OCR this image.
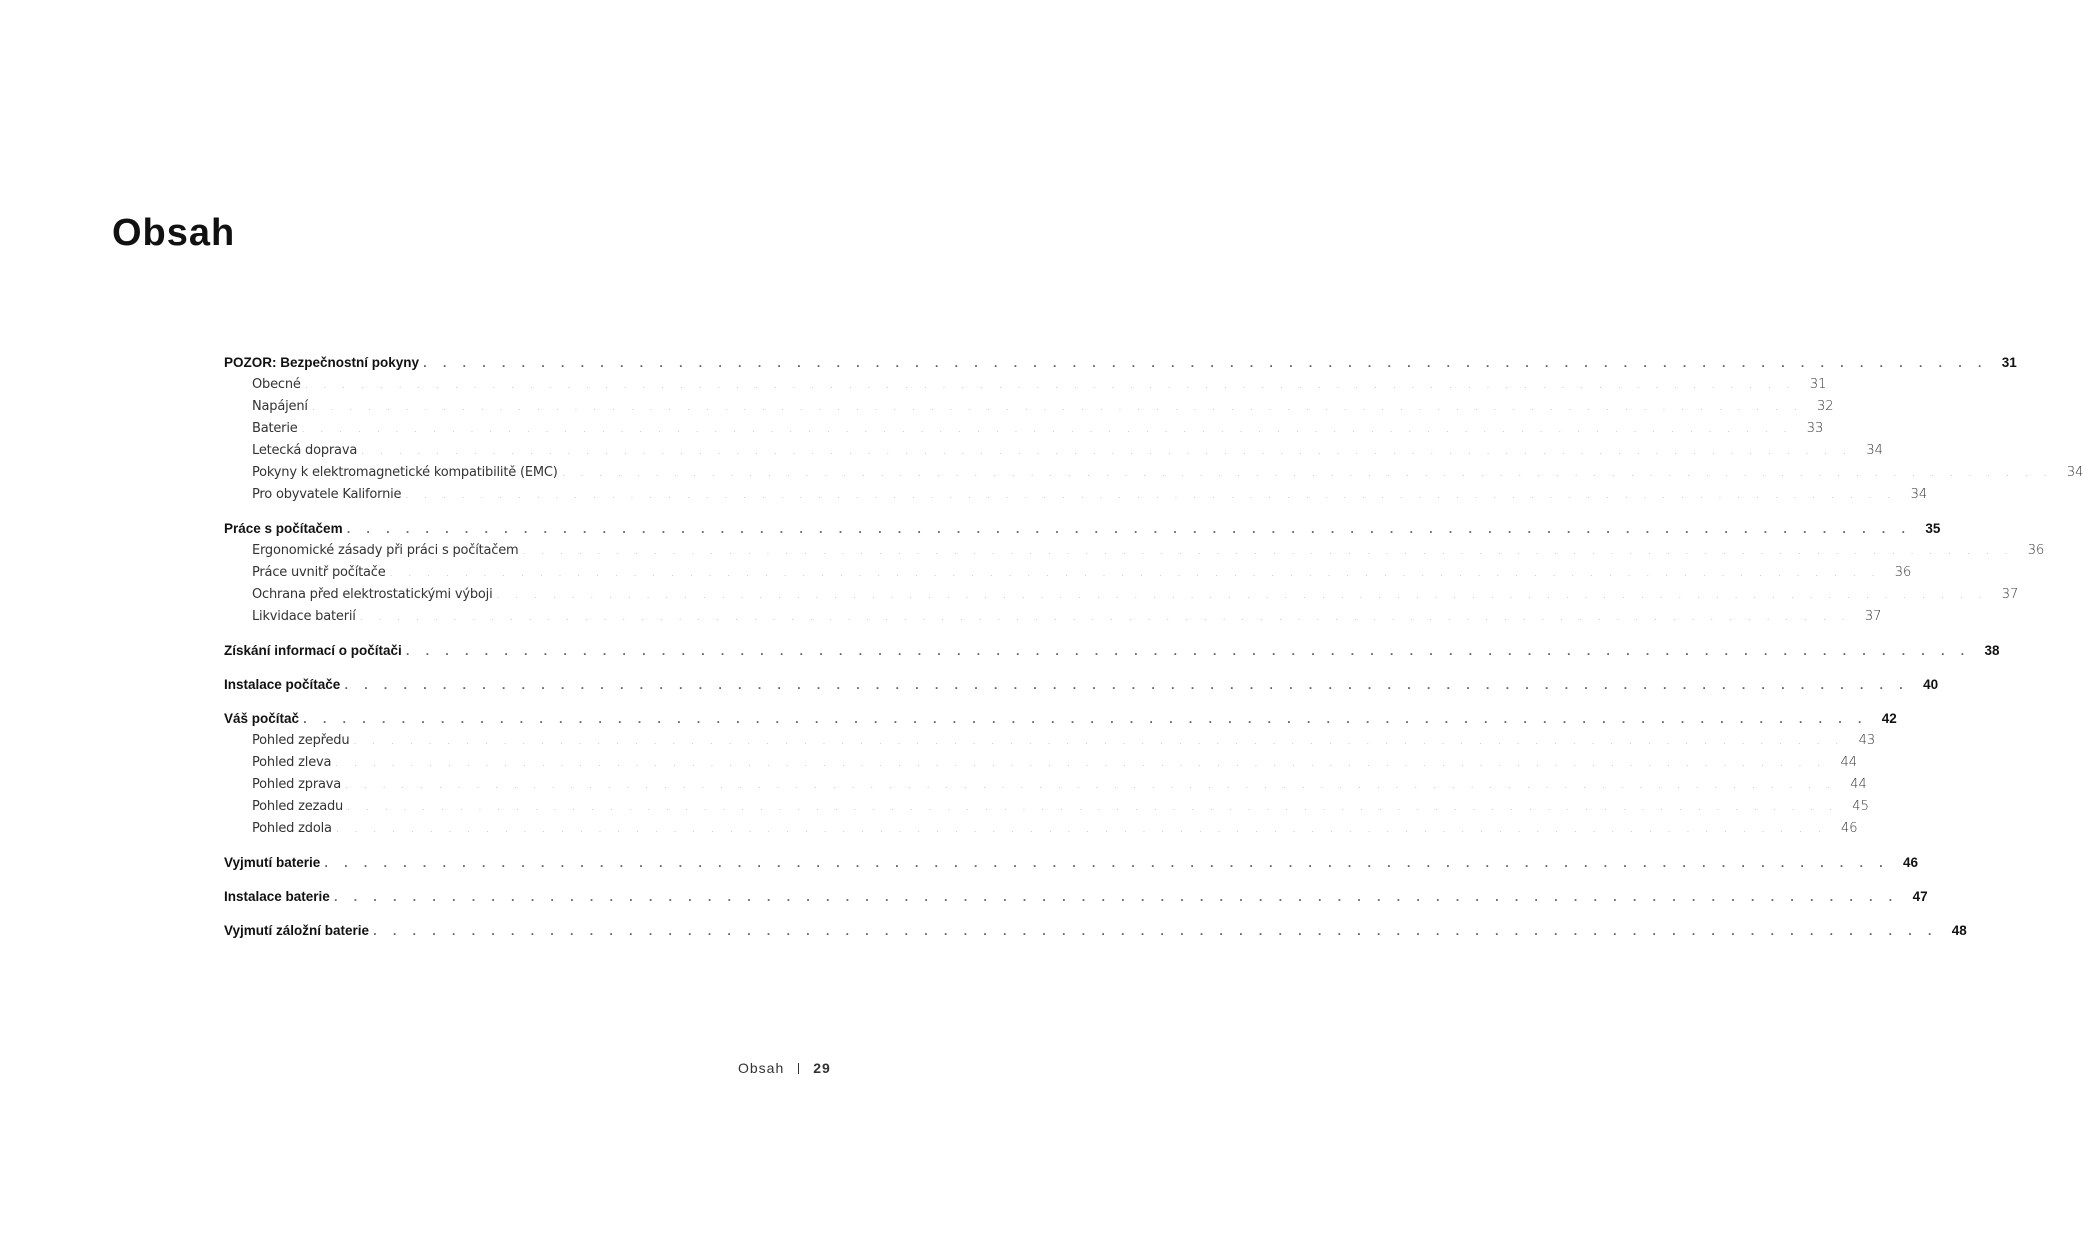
Obsah
POZOR: Bezpečnostní pokyny . . . . . . . . . . . . . . . . . . . . . . . . . . . . . . . . . . . . . . . . . . . . . . . . . . . . . . . . . . . . . . . . . . . . . . . . . . . . . . . .	31
Obecné . . . . . . . . . . . . . . . . . . . . . . . . . . . . . . . . . . . . . . . . . . . . . . . . . . . . . . . . . . . . . . . . . . . . . . . . . . . . . . . .	31
Napájení . . . . . . . . . . . . . . . . . . . . . . . . . . . . . . . . . . . . . . . . . . . . . . . . . . . . . . . . . . . . . . . . . . . . . . . . . . . . . . . .	32
Baterie . . . . . . . . . . . . . . . . . . . . . . . . . . . . . . . . . . . . . . . . . . . . . . . . . . . . . . . . . . . . . . . . . . . . . . . . . . . . . . . .	33
Letecká doprava . . . . . . . . . . . . . . . . . . . . . . . . . . . . . . . . . . . . . . . . . . . . . . . . . . . . . . . . . . . . . . . . . . . . . . . . . . . . . . . .	34
Pokyny k elektromagnetické kompatibilitě (EMC) . . . . . . . . . . . . . . . . . . . . . . . . . . . . . . . . . . . . . . . . . . . . . . . . . . . . . . . . . . . . . . . . . . . . . . . . . . . . . . . .	34
Pro obyvatele Kalifornie . . . . . . . . . . . . . . . . . . . . . . . . . . . . . . . . . . . . . . . . . . . . . . . . . . . . . . . . . . . . . . . . . . . . . . . . . . . . . . . .	34
Práce s počítačem . . . . . . . . . . . . . . . . . . . . . . . . . . . . . . . . . . . . . . . . . . . . . . . . . . . . . . . . . . . . . . . . . . . . . . . . . . . . . . . .	35
Ergonomické zásady při práci s počítačem . . . . . . . . . . . . . . . . . . . . . . . . . . . . . . . . . . . . . . . . . . . . . . . . . . . . . . . . . . . . . . . . . . . . . . . . . . . . . . . .	36
Práce uvnitř počítače . . . . . . . . . . . . . . . . . . . . . . . . . . . . . . . . . . . . . . . . . . . . . . . . . . . . . . . . . . . . . . . . . . . . . . . . . . . . . . . .	36
Ochrana před elektrostatickými výboji . . . . . . . . . . . . . . . . . . . . . . . . . . . . . . . . . . . . . . . . . . . . . . . . . . . . . . . . . . . . . . . . . . . . . . . . . . . . . . . .	37
Likvidace baterií . . . . . . . . . . . . . . . . . . . . . . . . . . . . . . . . . . . . . . . . . . . . . . . . . . . . . . . . . . . . . . . . . . . . . . . . . . . . . . . .	37
Získání informací o počítači . . . . . . . . . . . . . . . . . . . . . . . . . . . . . . . . . . . . . . . . . . . . . . . . . . . . . . . . . . . . . . . . . . . . . . . . . . . . . . . .	38
Instalace počítače . . . . . . . . . . . . . . . . . . . . . . . . . . . . . . . . . . . . . . . . . . . . . . . . . . . . . . . . . . . . . . . . . . . . . . . . . . . . . . . .	40
Váš počítač . . . . . . . . . . . . . . . . . . . . . . . . . . . . . . . . . . . . . . . . . . . . . . . . . . . . . . . . . . . . . . . . . . . . . . . . . . . . . . . .	42
Pohled zepředu . . . . . . . . . . . . . . . . . . . . . . . . . . . . . . . . . . . . . . . . . . . . . . . . . . . . . . . . . . . . . . . . . . . . . . . . . . . . . . . .	43
Pohled zleva . . . . . . . . . . . . . . . . . . . . . . . . . . . . . . . . . . . . . . . . . . . . . . . . . . . . . . . . . . . . . . . . . . . . . . . . . . . . . . . .	44
Pohled zprava . . . . . . . . . . . . . . . . . . . . . . . . . . . . . . . . . . . . . . . . . . . . . . . . . . . . . . . . . . . . . . . . . . . . . . . . . . . . . . . .	44
Pohled zezadu . . . . . . . . . . . . . . . . . . . . . . . . . . . . . . . . . . . . . . . . . . . . . . . . . . . . . . . . . . . . . . . . . . . . . . . . . . . . . . . .	45
Pohled zdola . . . . . . . . . . . . . . . . . . . . . . . . . . . . . . . . . . . . . . . . . . . . . . . . . . . . . . . . . . . . . . . . . . . . . . . . . . . . . . . .	46
Vyjmutí baterie . . . . . . . . . . . . . . . . . . . . . . . . . . . . . . . . . . . . . . . . . . . . . . . . . . . . . . . . . . . . . . . . . . . . . . . . . . . . . . . .	46
Instalace baterie . . . . . . . . . . . . . . . . . . . . . . . . . . . . . . . . . . . . . . . . . . . . . . . . . . . . . . . . . . . . . . . . . . . . . . . . . . . . . . . .	47
Vyjmutí záložní baterie . . . . . . . . . . . . . . . . . . . . . . . . . . . . . . . . . . . . . . . . . . . . . . . . . . . . . . . . . . . . . . . . . . . . . . . . . . . . . . . .	48
Obsah 29
